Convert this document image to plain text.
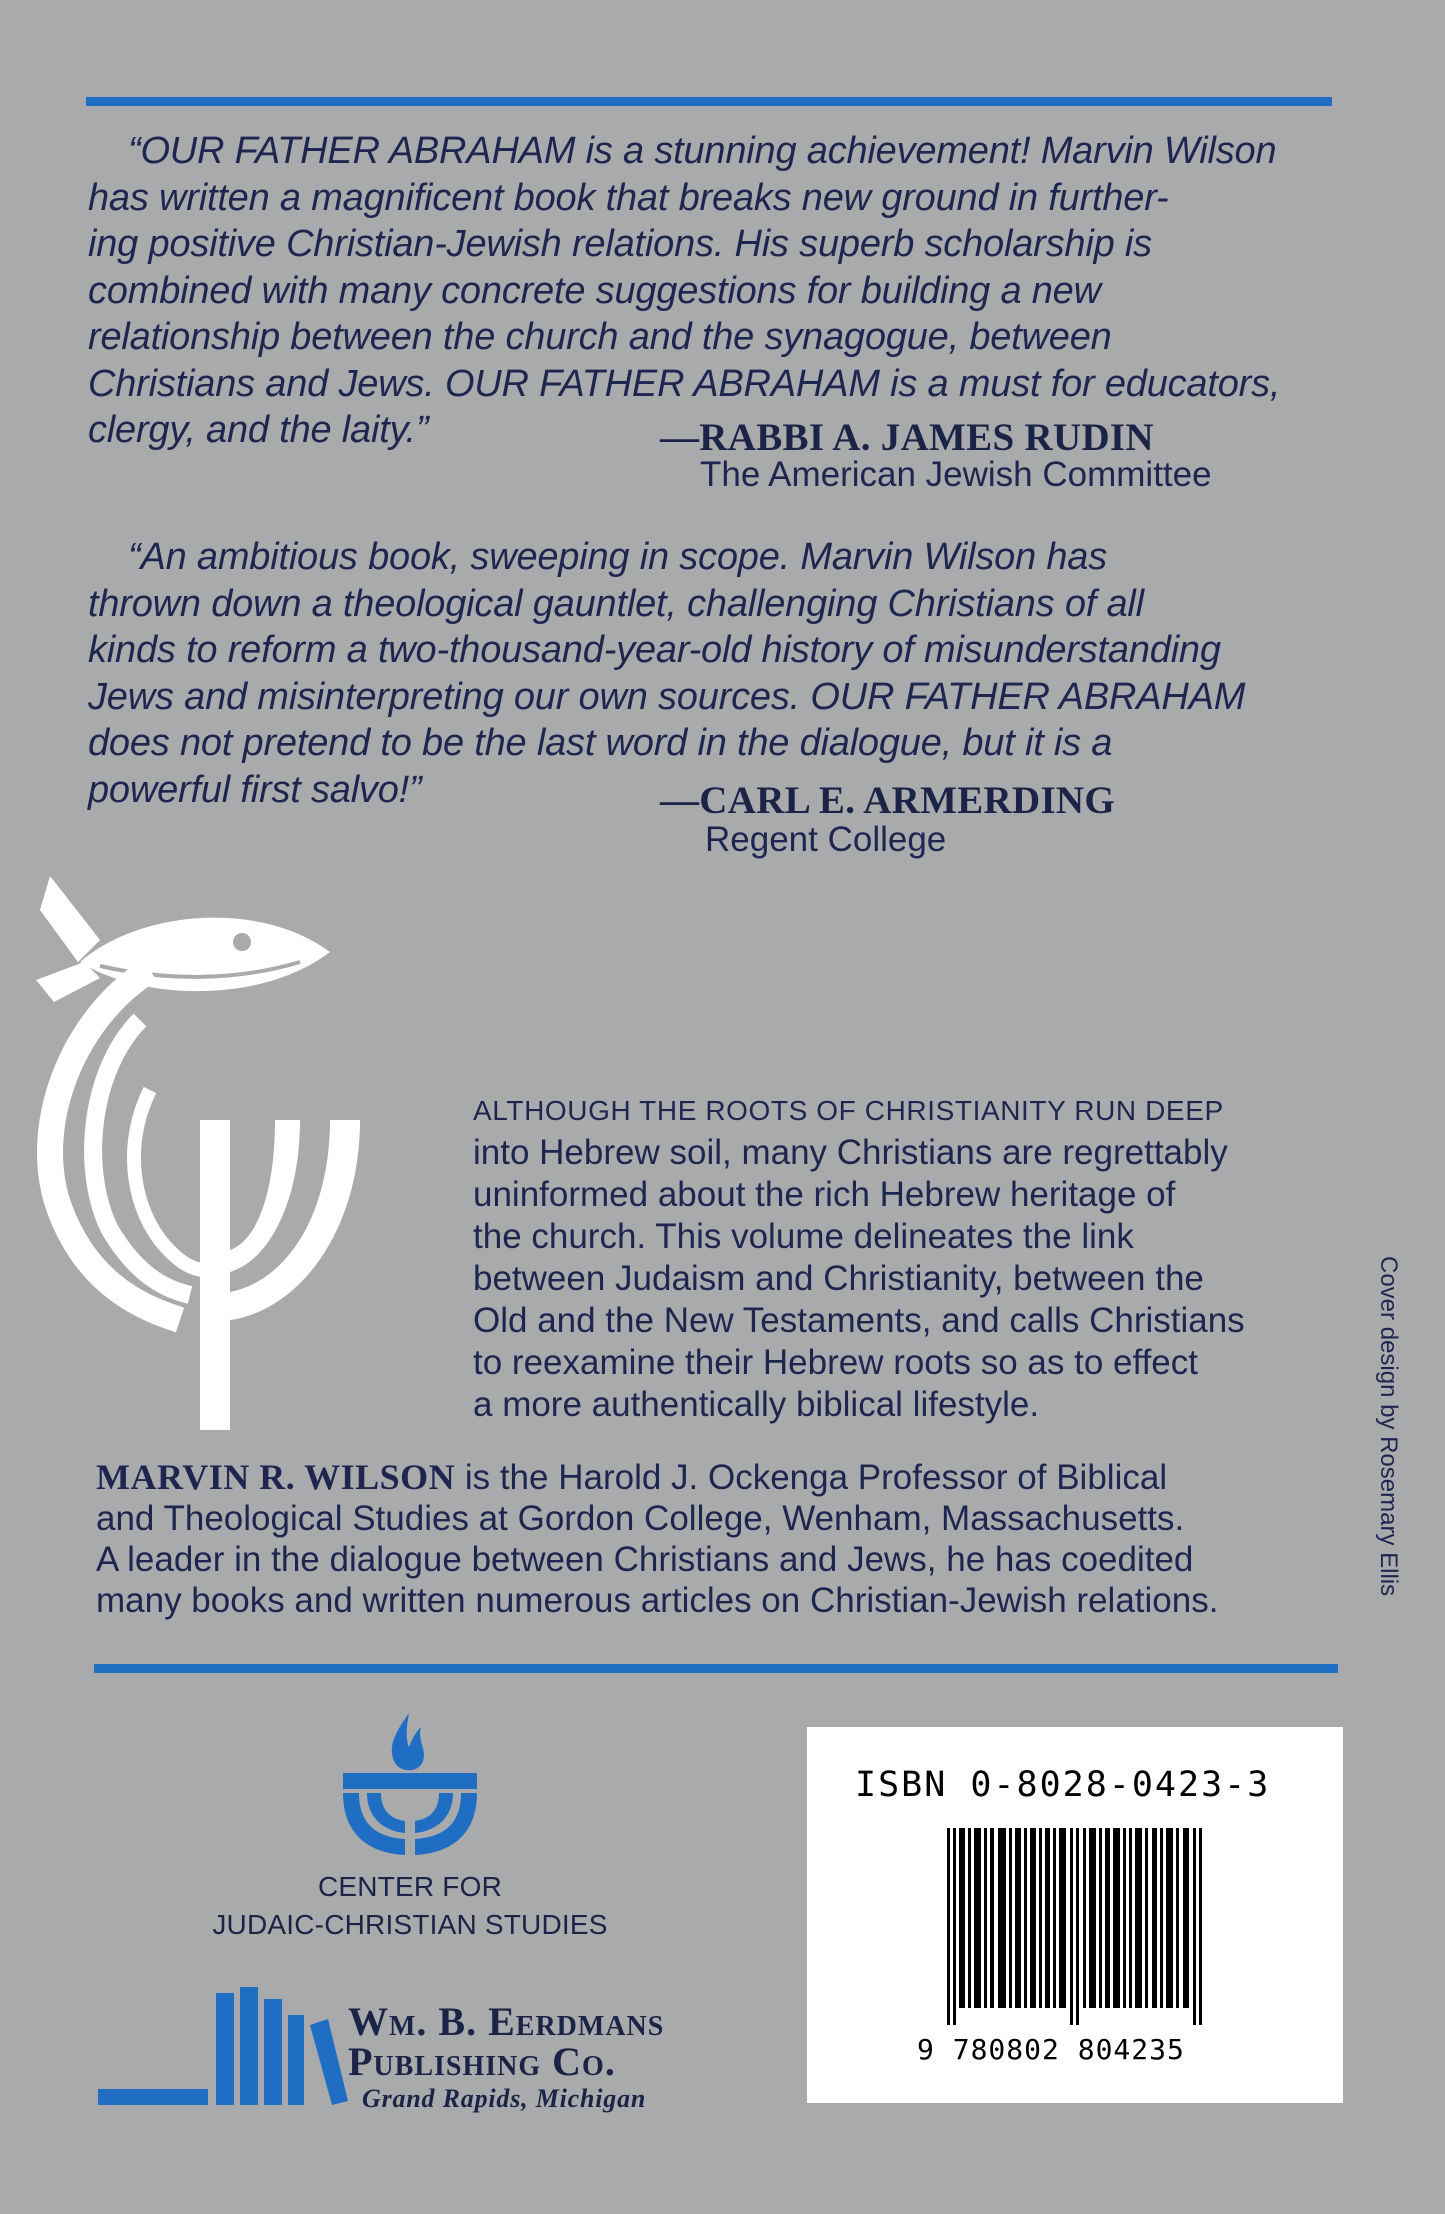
“OUR FATHER ABRAHAM is a stunning achievement! Marvin Wilson

has written a magnificent book that breaks new ground in further-

ing positive Christian-Jewish relations. His superb scholarship is

combined with many concrete suggestions for building a new

relationship between the church and the synagogue, between

Christians and Jews. OUR FATHER ABRAHAM is a must for educators,

clergy, and the laity.”	—RABBI A. JAMES RUDIN
The American Jewish Committee

“An ambitious book, sweeping in scope. Marvin Wilson has

thrown down a theological gauntlet, challenging Christians of all

kinds to reform a two-thousand-year-old history of misunderstanding

Jews and misinterpreting our own sources. OUR FATHER ABRAHAM

does not pretend to be the last word in the dialogue, but it is a

powerful first salvo!”	—CARL E. ARMERDING
Regent College
ALTHOUGH THE ROOTS OF CHRISTIANITY RUN DEEP
into Hebrew soil, many Christians are regrettably
uninformed about the rich Hebrew heritage of
the church. This volume delineates the link
between Judaism and Christianity, between the
Old and the New Testaments, and calls Christians
to reexamine their Hebrew roots so as to effect
a more authentically biblical lifestyle.	Cover design by Rosemary Ellis
MARVIN R. WILSON is the Harold J. Ockenga Professor of Biblical
and Theological Studies at Gordon College, Wenham, Massachusetts.
A leader in the dialogue between Christians and Jews, he has coedited
many books and written numerous articles on Christian-Jewish relations.
CENTER FOR
JUDAIC-CHRISTIAN STUDIES
Wm. B. Eerdmans
Publishing Co.
Grand Rapids, Michigan
ISBN 0-8028-0423-3
9 780802 804235
